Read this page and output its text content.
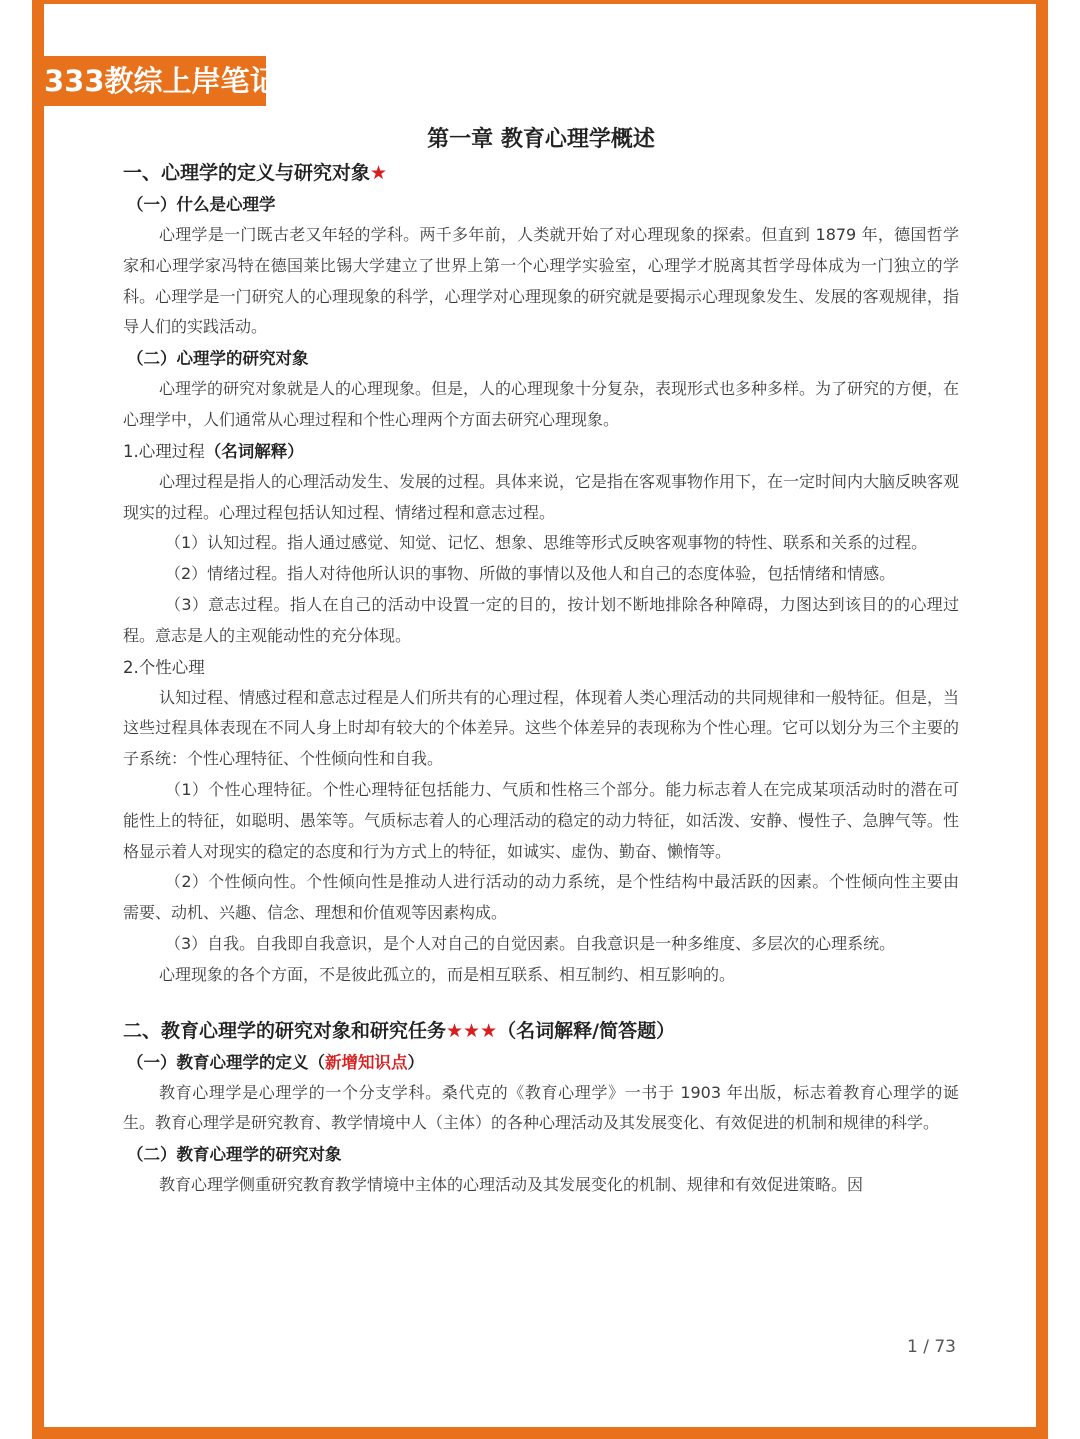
333教综上岸笔记
第一章 教育心理学概述
一、心理学的定义与研究对象★
（一）什么是心理学

心理学是一门既古老又年轻的学科。两千多年前，人类就开始了对心理现象的探索。但直到 1879 年，德国哲学家和心理学家冯特在德国莱比锡大学建立了世界上第一个心理学实验室，心理学才脱离其哲学母体成为一门独立的学科。心理学是一门研究人的心理现象的科学，心理学对心理现象的研究就是要揭示心理现象发生、发展的客观规律，指导人们的实践活动。

（二）心理学的研究对象

心理学的研究对象就是人的心理现象。但是，人的心理现象十分复杂，表现形式也多种多样。为了研究的方便，在心理学中，人们通常从心理过程和个性心理两个方面去研究心理现象。

1.心理过程（名词解释）

心理过程是指人的心理活动发生、发展的过程。具体来说，它是指在客观事物作用下，在一定时间内大脑反映客观现实的过程。心理过程包括认知过程、情绪过程和意志过程。

（1）认知过程。指人通过感觉、知觉、记忆、想象、思维等形式反映客观事物的特性、联系和关系的过程。

（2）情绪过程。指人对待他所认识的事物、所做的事情以及他人和自己的态度体验，包括情绪和情感。

（3）意志过程。指人在自己的活动中设置一定的目的，按计划不断地排除各种障碍，力图达到该目的的心理过程。意志是人的主观能动性的充分体现。

2.个性心理

认知过程、情感过程和意志过程是人们所共有的心理过程，体现着人类心理活动的共同规律和一般特征。但是，当这些过程具体表现在不同人身上时却有较大的个体差异。这些个体差异的表现称为个性心理。它可以划分为三个主要的子系统：个性心理特征、个性倾向性和自我。

（1）个性心理特征。个性心理特征包括能力、气质和性格三个部分。能力标志着人在完成某项活动时的潜在可能性上的特征，如聪明、愚笨等。气质标志着人的心理活动的稳定的动力特征，如活泼、安静、慢性子、急脾气等。性格显示着人对现实的稳定的态度和行为方式上的特征，如诚实、虚伪、勤奋、懒惰等。

（2）个性倾向性。个性倾向性是推动人进行活动的动力系统，是个性结构中最活跃的因素。个性倾向性主要由需要、动机、兴趣、信念、理想和价值观等因素构成。

（3）自我。自我即自我意识，是个人对自己的自觉因素。自我意识是一种多维度、多层次的心理系统。

心理现象的各个方面，不是彼此孤立的，而是相互联系、相互制约、相互影响的。

二、教育心理学的研究对象和研究任务★★★（名词解释/简答题）
（一）教育心理学的定义（新增知识点）

教育心理学是心理学的一个分支学科。桑代克的《教育心理学》一书于 1903 年出版，标志着教育心理学的诞生。教育心理学是研究教育、教学情境中人（主体）的各种心理活动及其发展变化、有效促进的机制和规律的科学。

（二）教育心理学的研究对象

教育心理学侧重研究教育教学情境中主体的心理活动及其发展变化的机制、规律和有效促进策略。因

1 / 73
